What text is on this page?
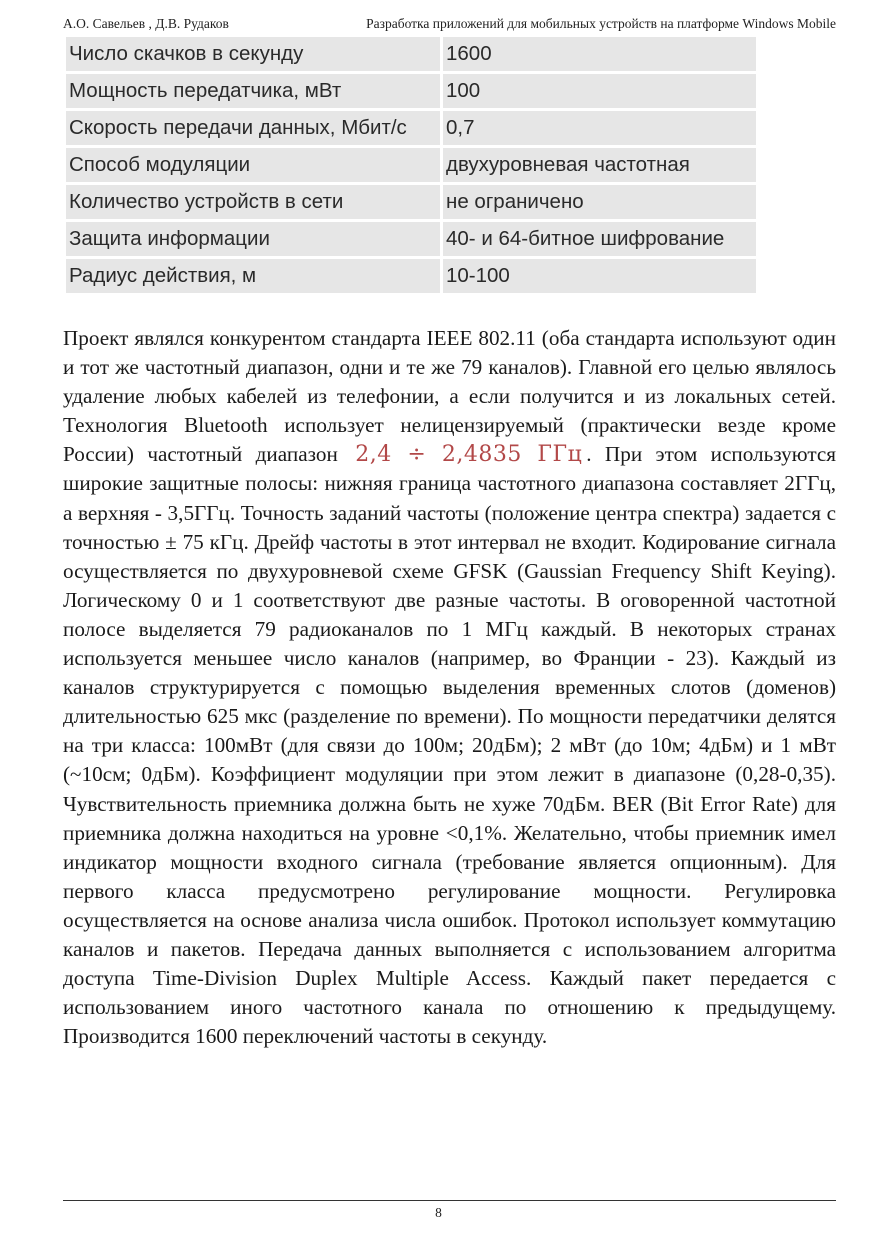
А.О. Савельев , Д.В. Рудаков	Разработка приложений для мобильных устройств на платформе Windows Mobile
Число скачков в секунду	1600
Мощность передатчика, мВт	100
Скорость передачи данных, Мбит/с	0,7
Способ модуляции	двухуровневая частотная
Количество устройств в сети	не ограничено
Защита информации	40- и 64-битное шифрование
Радиус действия, м	10-100

Проект являлся конкурентом стандарта IEEE 802.11 (оба стандарта используют один и тот же частотный диапазон, одни и те же 79 каналов). Главной его целью являлось удаление любых кабелей из телефонии, а если получится и из локальных сетей. Технология Bluetooth использует нелицензируемый (практически везде кроме России) частотный диапазон 2,4 ÷ 2,4835 ГГц . При этом используются широкие защитные полосы: нижняя граница частотного диапазона составляет 2ГГц, а верхняя - 3,5ГГц. Точность заданий частоты (положение центра спектра) задается с точностью ± 75 кГц. Дрейф частоты в этот интервал не входит. Кодирование сигнала осуществляется по двухуровневой схеме GFSK (Gaussian Frequency Shift Keying). Логическому 0 и 1 соответствуют две разные частоты. В оговоренной частотной полосе выделяется 79 радиоканалов по 1 МГц каждый. В некоторых странах используется меньшее число каналов (например, во Франции - 23). Каждый из каналов структурируется с помощью выделения временных слотов (доменов) длительностью 625 мкс (разделение по времени). По мощности передатчики делятся на три класса: 100мВт (для связи до 100м; 20дБм); 2 мВт (до 10м; 4дБм) и 1 мВт (~10см; 0дБм). Коэффициент модуляции при этом лежит в диапазоне (0,28-0,35). Чувствительность приемника должна быть не хуже 70дБм. BER (Bit Error Rate) для приемника должна находиться на уровне <0,1%. Желательно, чтобы приемник имел индикатор мощности входного сигнала (требование является опционным). Для первого класса предусмотрено регулирование мощности. Регулировка осуществляется на основе анализа числа ошибок. Протокол использует коммутацию каналов и пакетов. Передача данных выполняется с использованием алгоритма доступа Time-Division Duplex Multiple Access. Каждый пакет передается с использованием иного частотного канала по отношению к предыдущему. Производится 1600 переключений частоты в секунду.

8
